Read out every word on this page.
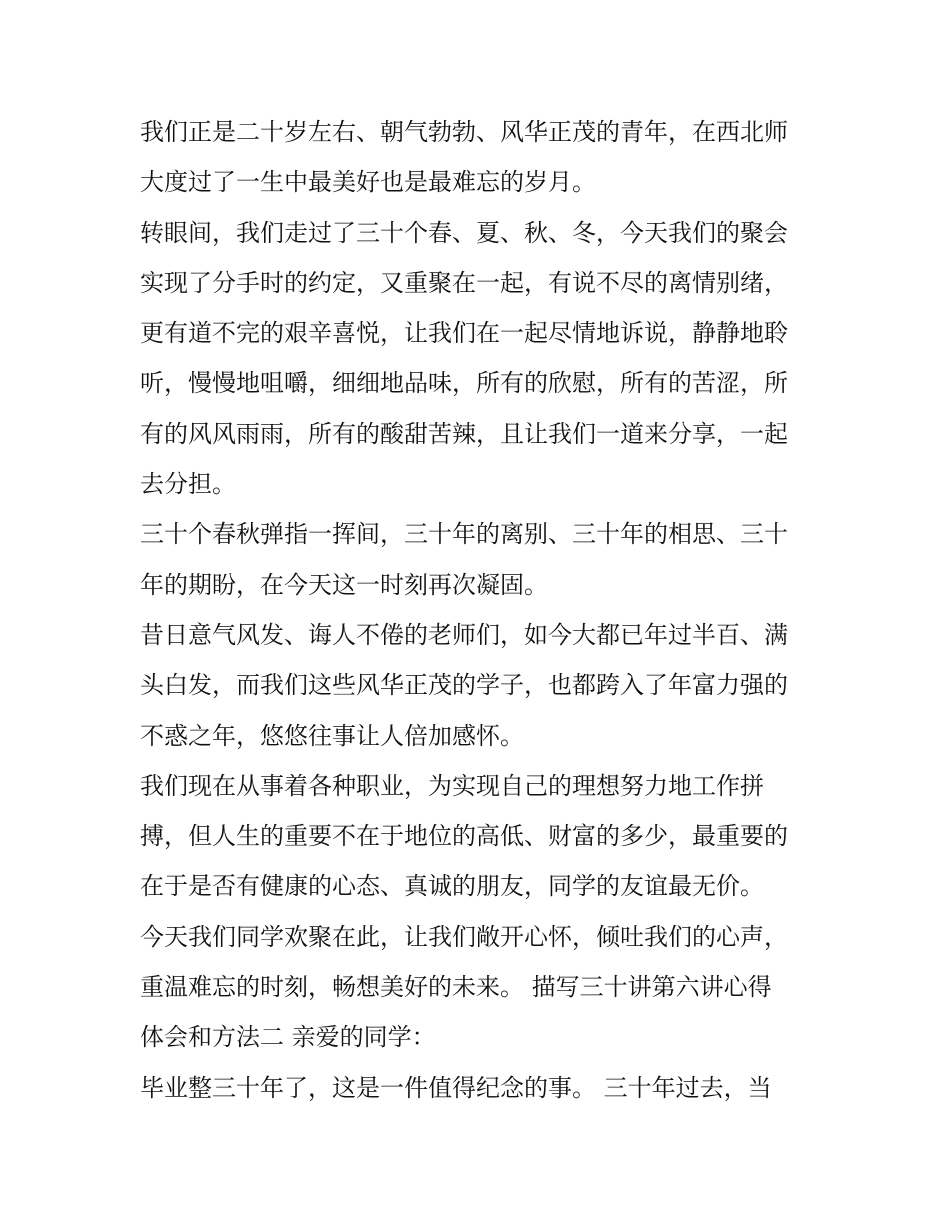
我们正是二十岁左右、朝气勃勃、风华正茂的青年，在西北师

大度过了一生中最美好也是最难忘的岁月。

转眼间，我们走过了三十个春、夏、秋、冬，今天我们的聚会

实现了分手时的约定，又重聚在一起，有说不尽的离情别绪，

更有道不完的艰辛喜悦，让我们在一起尽情地诉说，静静地聆

听，慢慢地咀嚼，细细地品味，所有的欣慰，所有的苦涩，所

有的风风雨雨，所有的酸甜苦辣，且让我们一道来分享，一起

去分担。

三十个春秋弹指一挥间，三十年的离别、三十年的相思、三十

年的期盼，在今天这一时刻再次凝固。

昔日意气风发、诲人不倦的老师们，如今大都已年过半百、满

头白发，而我们这些风华正茂的学子，也都跨入了年富力强的

不惑之年，悠悠往事让人倍加感怀。

我们现在从事着各种职业，为实现自己的理想努力地工作拼

搏，但人生的重要不在于地位的高低、财富的多少，最重要的

在于是否有健康的心态、真诚的朋友，同学的友谊最无价。

今天我们同学欢聚在此，让我们敞开心怀，倾吐我们的心声，

重温难忘的时刻，畅想美好的未来。 描写三十讲第六讲心得

体会和方法二 亲爱的同学：

毕业整三十年了，这是一件值得纪念的事。 三十年过去，当
